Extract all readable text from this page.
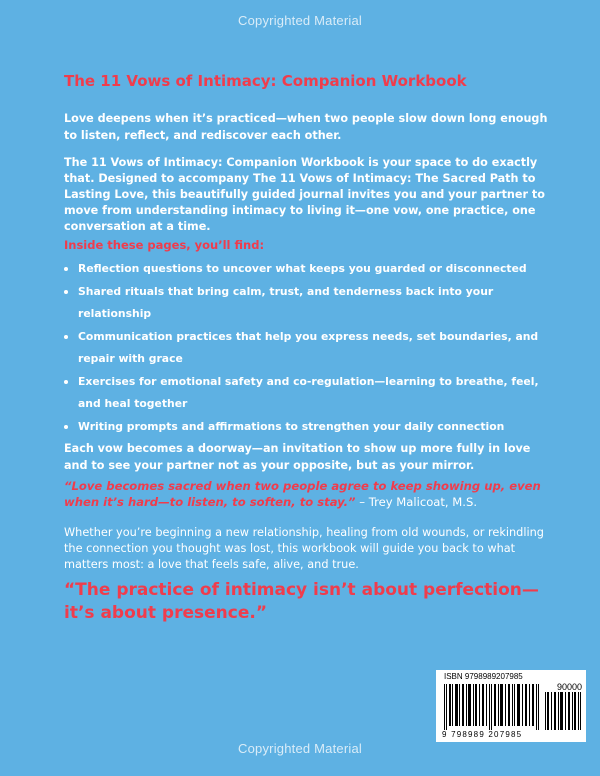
Copyrighted Material
The 11 Vows of Intimacy: Companion Workbook
Love deepens when it’s practiced—when two people slow down long enough to listen, reflect, and rediscover each other.
The 11 Vows of Intimacy: Companion Workbook is your space to do exactly that. Designed to accompany The 11 Vows of Intimacy: The Sacred Path to Lasting Love, this beautifully guided journal invites you and your partner to move from understanding intimacy to living it—one vow, one practice, one conversation at a time.
Inside these pages, you’ll find:
Reflection questions to uncover what keeps you guarded or disconnected
Shared rituals that bring calm, trust, and tenderness back into your relationship
Communication practices that help you express needs, set boundaries, and repair with grace
Exercises for emotional safety and co-regulation—learning to breathe, feel, and heal together
Writing prompts and affirmations to strengthen your daily connection
Each vow becomes a doorway—an invitation to show up more fully in love and to see your partner not as your opposite, but as your mirror.
“Love becomes sacred when two people agree to keep showing up, even when it’s hard—to listen, to soften, to stay.” – Trey Malicoat, M.S.
Whether you’re beginning a new relationship, healing from old wounds, or rekindling the connection you thought was lost, this workbook will guide you back to what matters most: a love that feels safe, alive, and true.
“The practice of intimacy isn’t about perfection—it’s about presence.”
ISBN 9798989207985
90000
9 798989 207985
Copyrighted Material
